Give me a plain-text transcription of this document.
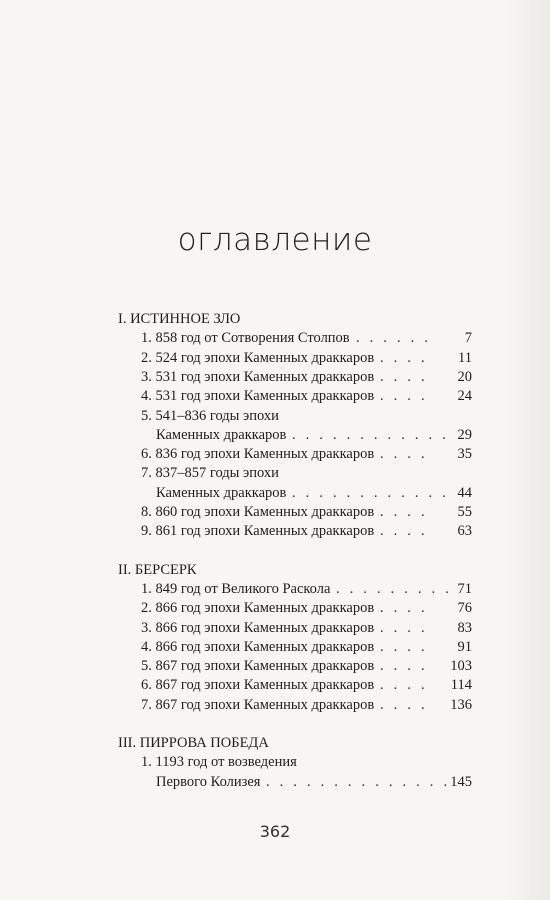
оглавление
I. ИСТИННОЕ ЗЛО
1. 858 год от Сотворения Столпов . . . . . . 7
2. 524 год эпохи Каменных драккаров . . . . 11
3. 531 год эпохи Каменных драккаров . . . . 20
4. 531 год эпохи Каменных драккаров . . . . 24
5. 541–836 годы эпохи
Каменных драккаров . . . . . . . . . . . . 29
6. 836 год эпохи Каменных драккаров . . . . 35
7. 837–857 годы эпохи
Каменных драккаров . . . . . . . . . . . . 44
8. 860 год эпохи Каменных драккаров . . . . 55
9. 861 год эпохи Каменных драккаров . . . . 63
II. БЕРСЕРК
1. 849 год от Великого Раскола . . . . . . . . . 71
2. 866 год эпохи Каменных драккаров . . . . 76
3. 866 год эпохи Каменных драккаров . . . . 83
4. 866 год эпохи Каменных драккаров . . . . 91
5. 867 год эпохи Каменных драккаров . . . . 103
6. 867 год эпохи Каменных драккаров . . . . 114
7. 867 год эпохи Каменных драккаров . . . . 136
III. ПИРРОВА ПОБЕДА
1. 1193 год от возведения
Первого Колизея . . . . . . . . . . . . . . 145
362
